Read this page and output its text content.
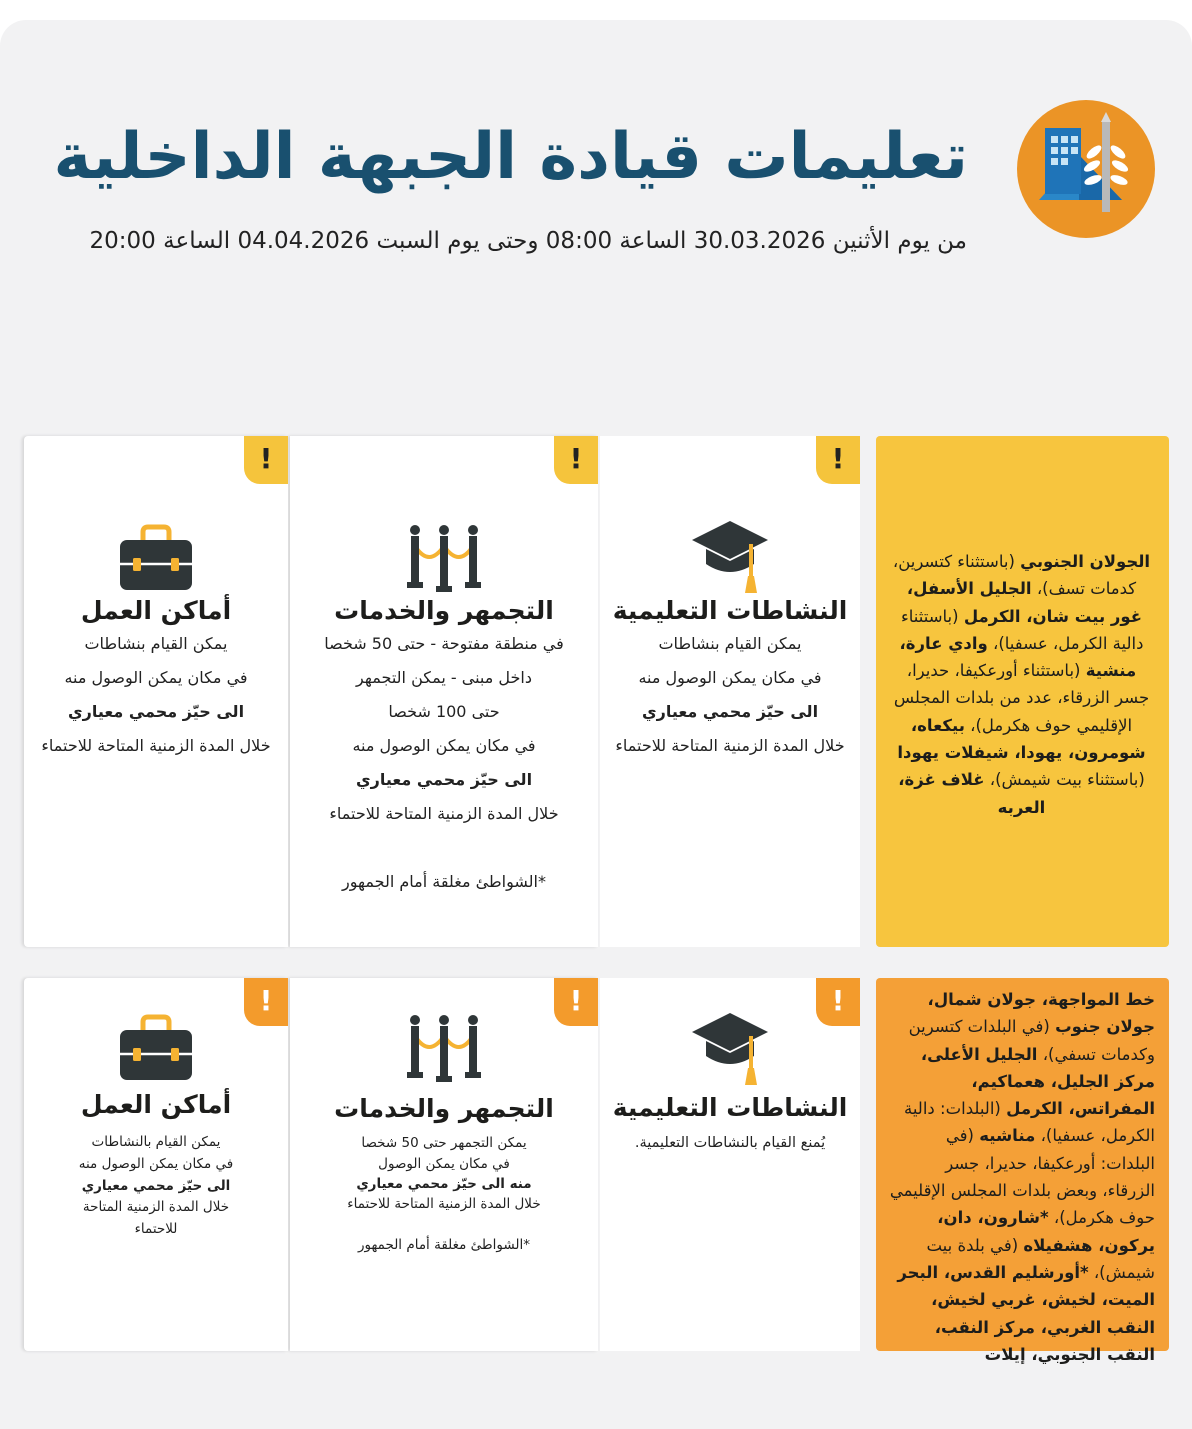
تعليمات قيادة الجبهة الداخلية
من يوم الأثنين 30.03.2026 الساعة 08:00 وحتى يوم السبت 04.04.2026 الساعة 20:00
الجولان الجنوبي (باستثناء كتسرين، كدمات تسف)، الجليل الأسفل، غور بيت شان، الكرمل (باستثناء دالية الكرمل، عسفيا)، وادي عارة، منشية (باستثناء أورعكيفا، حديرا، جسر الزرقاء، عدد من بلدات المجلس الإقليمي حوف هكرمل)، بيكعاه، شومرون، يهودا، شيفلات يهودا (باستثناء بيت شيمش)، غلاف غزة، العربه
!
النشاطات التعليمية
يمكن القيام بنشاطات
في مكان يمكن الوصول منه
الى حيّز محمي معياري
خلال المدة الزمنية المتاحة للاحتماء
!
التجمهر والخدمات
في منطقة مفتوحة - حتى 50 شخصا
داخل مبنى - يمكن التجمهر
حتى 100 شخصا
في مكان يمكن الوصول منه
الى حيّز محمي معياري
خلال المدة الزمنية المتاحة للاحتماء
*الشواطئ مغلقة أمام الجمهور
!
أماكن العمل
يمكن القيام بنشاطات
في مكان يمكن الوصول منه
الى حيّز محمي معياري
خلال المدة الزمنية المتاحة للاحتماء
خط المواجهة، جولان شمال، جولان جنوب (في البلدات كتسرين وكدمات تسفي)، الجليل الأعلى، مركز الجليل، هعماكيم، المفراتس، الكرمل (البلدات: دالية الكرمل، عسفيا)، مناشيه (في البلدات: أورعكيفا، حديرا، جسر الزرقاء، وبعض بلدات المجلس الإقليمي حوف هكرمل)، *شارون، دان، يركون، هشفيلاه (في بلدة بيت شيمش)، *أورشليم القدس، البحر الميت، لخيش، غربي لخيش، النقب الغربي، مركز النقب، النقب الجنوبي، إيلات
!
النشاطات التعليمية
يُمنع القيام بالنشاطات التعليمية.
!
التجمهر والخدمات
يمكن التجمهر حتى 50 شخصا
في مكان يمكن الوصول
منه الى حيّز محمي معياري
خلال المدة الزمنية المتاحة للاحتماء
*الشواطئ مغلقة أمام الجمهور
!
أماكن العمل
يمكن القيام بالنشاطات
في مكان يمكن الوصول منه
الى حيّز محمي معياري
خلال المدة الزمنية المتاحة
للاحتماء
